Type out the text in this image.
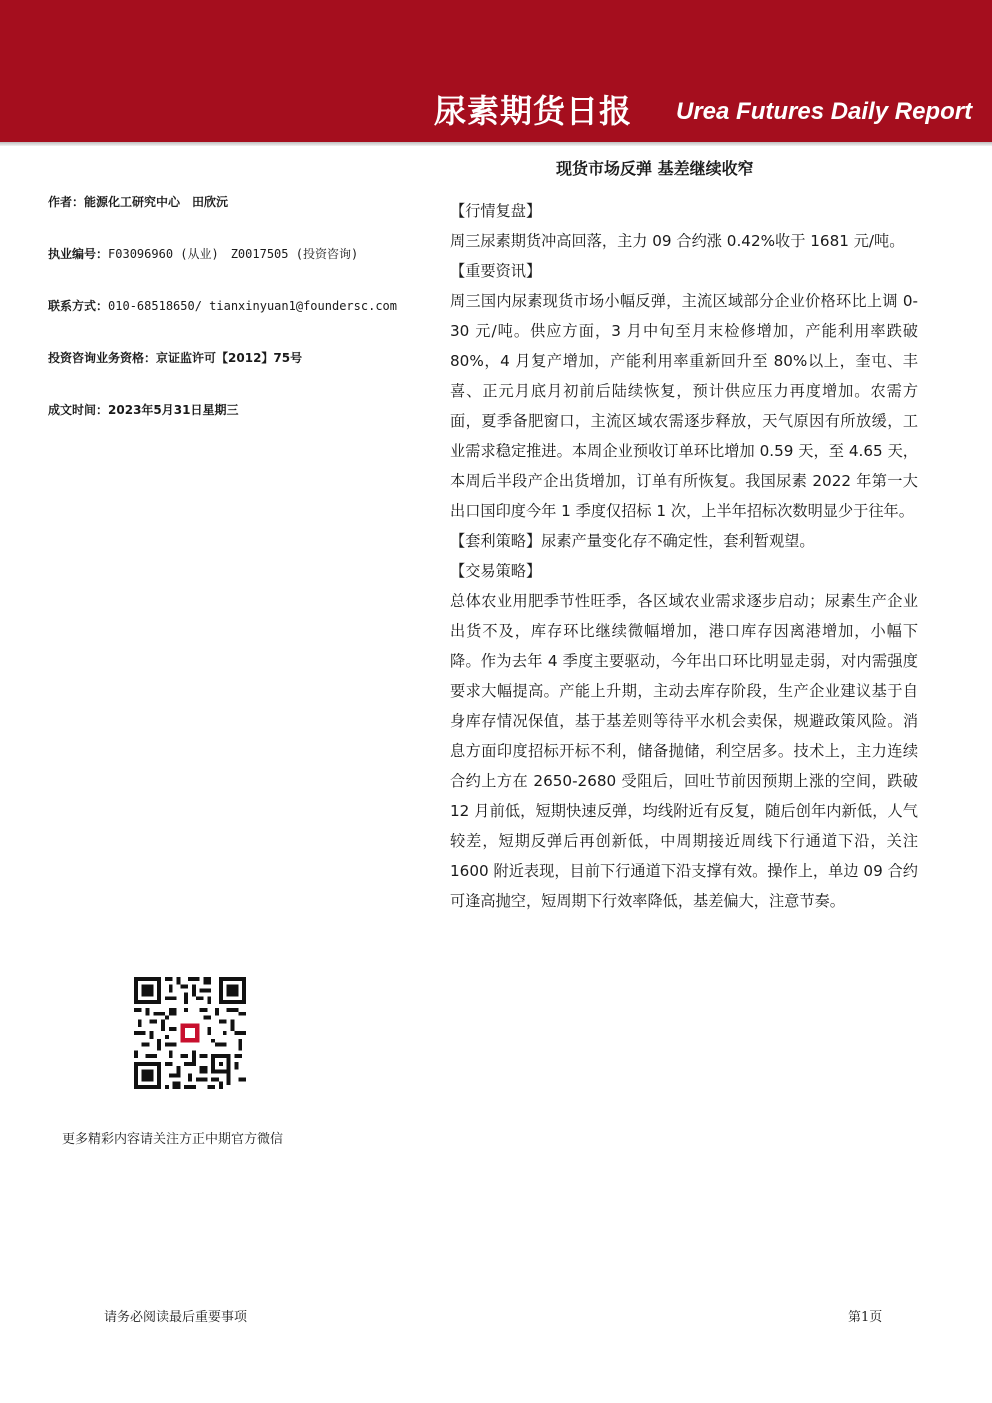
尿素期货日报 Urea Futures Daily Report
现货市场反弹 基差继续收窄
作者：能源化工研究中心　田欣沅
执业编号：F03096960 (从业)　Z0017505 (投资咨询)
联系方式：010-68518650/ tianxinyuan1@foundersc.com
投资咨询业务资格：京证监许可【2012】75号
成文时间：2023年5月31日星期三
更多精彩内容请关注方正中期官方微信

【行情复盘】

周三尿素期货冲高回落，主力 09 合约涨 0.42%收于 1681 元/吨。

【重要资讯】

周三国内尿素现货市场小幅反弹，主流区域部分企业价格环比上调 0-30 元/吨。供应方面，3 月中旬至月末检修增加，产能利用率跌破 80%，4 月复产增加，产能利用率重新回升至 80%以上，奎屯、丰喜、正元月底月初前后陆续恢复，预计供应压力再度增加。农需方面，夏季备肥窗口，主流区域农需逐步释放，天气原因有所放缓，工业需求稳定推进。本周企业预收订单环比增加 0.59 天，至 4.65 天，本周后半段产企出货增加，订单有所恢复。我国尿素 2022 年第一大出口国印度今年 1 季度仅招标 1 次，上半年招标次数明显少于往年。

【套利策略】尿素产量变化存不确定性，套利暂观望。

【交易策略】

总体农业用肥季节性旺季，各区域农业需求逐步启动；尿素生产企业出货不及，库存环比继续微幅增加，港口库存因离港增加，小幅下降。作为去年 4 季度主要驱动，今年出口环比明显走弱，对内需强度要求大幅提高。产能上升期，主动去库存阶段，生产企业建议基于自身库存情况保值，基于基差则等待平水机会卖保，规避政策风险。消息方面印度招标开标不利，储备抛储，利空居多。技术上，主力连续合约上方在 2650-2680 受阻后，回吐节前因预期上涨的空间，跌破 12 月前低，短期快速反弹，均线附近有反复，随后创年内新低，人气较差，短期反弹后再创新低，中周期接近周线下行通道下沿，关注 1600 附近表现，目前下行通道下沿支撑有效。操作上，单边 09 合约可逢高抛空，短周期下行效率降低，基差偏大，注意节奏。

请务必阅读最后重要事项	第1页
